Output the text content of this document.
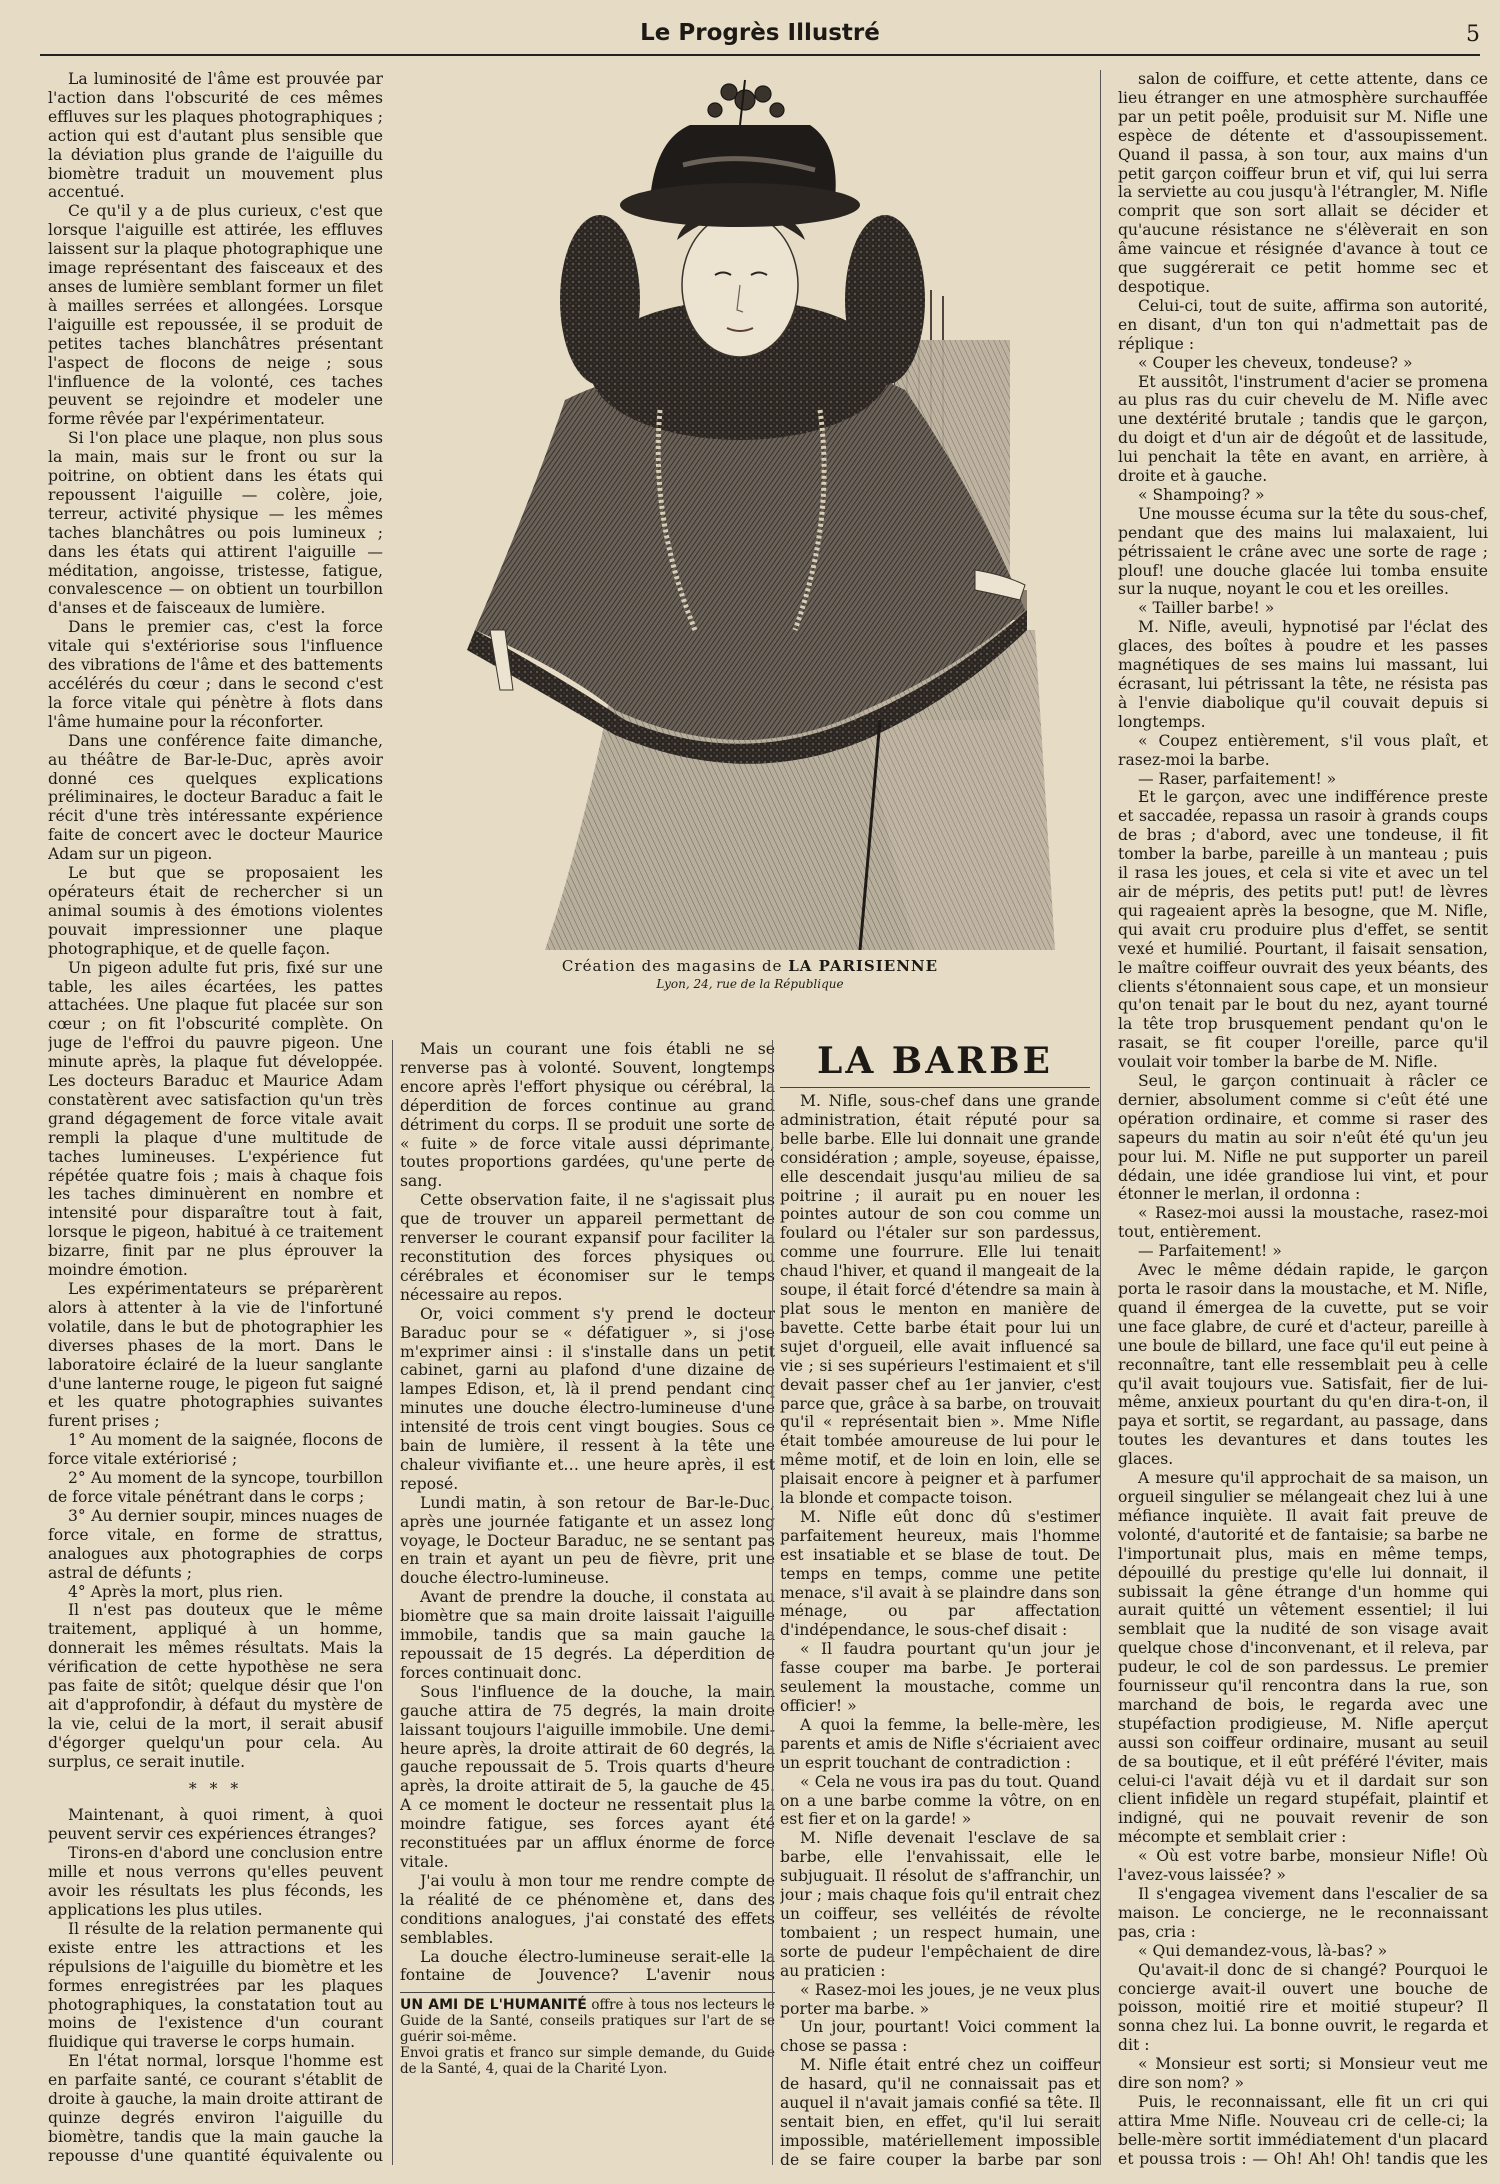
Le Progrès Illustré	5

La luminosité de l'âme est prouvée par l'action dans l'obscurité de ces mêmes effluves sur les plaques photographiques ; action qui est d'autant plus sensible que la déviation plus grande de l'aiguille du biomètre traduit un mouvement plus accentué.

Ce qu'il y a de plus curieux, c'est que lorsque l'aiguille est attirée, les effluves laissent sur la plaque photographique une image représentant des faisceaux et des anses de lumière semblant former un filet à mailles serrées et allongées. Lorsque l'aiguille est repoussée, il se produit de petites taches blanchâtres présentant l'aspect de flocons de neige ; sous l'influence de la volonté, ces taches peuvent se rejoindre et modeler une forme rêvée par l'expérimentateur.

Si l'on place une plaque, non plus sous la main, mais sur le front ou sur la poitrine, on obtient dans les états qui repoussent l'aiguille — colère, joie, terreur, activité physique — les mêmes taches blanchâtres ou pois lumineux ; dans les états qui attirent l'aiguille — méditation, angoisse, tristesse, fatigue, convalescence — on obtient un tourbillon d'anses et de faisceaux de lumière.

Dans le premier cas, c'est la force vitale qui s'extériorise sous l'influence des vibrations de l'âme et des battements accélérés du cœur ; dans le second c'est la force vitale qui pénètre à flots dans l'âme humaine pour la réconforter.

Dans une conférence faite dimanche, au théâtre de Bar-le-Duc, après avoir donné ces quelques explications préliminaires, le docteur Baraduc a fait le récit d'une très intéressante expérience faite de concert avec le docteur Maurice Adam sur un pigeon.

Le but que se proposaient les opérateurs était de rechercher si un animal soumis à des émotions violentes pouvait impressionner une plaque photographique, et de quelle façon.

Un pigeon adulte fut pris, fixé sur une table, les ailes écartées, les pattes attachées. Une plaque fut placée sur son cœur ; on fit l'obscurité complète. On juge de l'effroi du pauvre pigeon. Une minute après, la plaque fut développée. Les docteurs Baraduc et Maurice Adam constatèrent avec satisfaction qu'un très grand dégagement de force vitale avait rempli la plaque d'une multitude de taches lumineuses. L'expérience fut répétée quatre fois ; mais à chaque fois les taches diminuèrent en nombre et intensité pour disparaître tout à fait, lorsque le pigeon, habitué à ce traitement bizarre, finit par ne plus éprouver la moindre émotion.

Les expérimentateurs se préparèrent alors à attenter à la vie de l'infortuné volatile, dans le but de photographier les diverses phases de la mort. Dans le laboratoire éclairé de la lueur sanglante d'une lanterne rouge, le pigeon fut saigné et les quatre photographies suivantes furent prises ;

1° Au moment de la saignée, flocons de force vitale extériorisé ;

2° Au moment de la syncope, tourbillon de force vitale pénétrant dans le corps ;

3° Au dernier soupir, minces nuages de force vitale, en forme de strattus, analogues aux photographies de corps astral de défunts ;

4° Après la mort, plus rien.

Il n'est pas douteux que le même traitement, appliqué à un homme, donnerait les mêmes résultats. Mais la vérification de cette hypothèse ne sera pas faite de sitôt; quelque désir que l'on ait d'approfondir, à défaut du mystère de la vie, celui de la mort, il serait abusif d'égorger quelqu'un pour cela. Au surplus, ce serait inutile.

* * *

Maintenant, à quoi riment, à quoi peuvent servir ces expériences étranges?

Tirons-en d'abord une conclusion entre mille et nous verrons qu'elles peuvent avoir les résultats les plus féconds, les applications les plus utiles.

Il résulte de la relation permanente qui existe entre les attractions et les répulsions de l'aiguille du biomètre et les formes enregistrées par les plaques photographiques, la constatation tout au moins de l'existence d'un courant fluidique qui traverse le corps humain.

En l'état normal, lorsque l'homme est en parfaite santé, ce courant s'établit de droite à gauche, la main droite attirant de quinze degrés environ l'aiguille du biomètre, tandis que la main gauche la repousse d'une quantité équivalente ou

Création des magasins de LA PARISIENNE
Lyon, 24, rue de la République

Mais un courant une fois établi ne se renverse pas à volonté. Souvent, longtemps encore après l'effort physique ou cérébral, la déperdition de forces continue au grand détriment du corps. Il se produit une sorte de « fuite » de force vitale aussi déprimante, toutes proportions gardées, qu'une perte de sang.

Cette observation faite, il ne s'agissait plus que de trouver un appareil permettant de renverser le courant expansif pour faciliter la reconstitution des forces physiques ou cérébrales et économiser sur le temps nécessaire au repos.

Or, voici comment s'y prend le docteur Baraduc pour se « défatiguer », si j'ose m'exprimer ainsi : il s'installe dans un petit cabinet, garni au plafond d'une dizaine de lampes Edison, et, là il prend pendant cinq minutes une douche électro-lumineuse d'une intensité de trois cent vingt bougies. Sous ce bain de lumière, il ressent à la tête une chaleur vivifiante et… une heure après, il est reposé.

Lundi matin, à son retour de Bar-le-Duc, après une journée fatigante et un assez long voyage, le Docteur Baraduc, ne se sentant pas en train et ayant un peu de fièvre, prit une douche électro-lumineuse.

Avant de prendre la douche, il constata au biomètre que sa main droite laissait l'aiguille immobile, tandis que sa main gauche la repoussait de 15 degrés. La déperdition de forces continuait donc.

Sous l'influence de la douche, la main gauche attira de 75 degrés, la main droite laissant toujours l'aiguille immobile. Une demi-heure après, la droite attirait de 60 degrés, la gauche repoussait de 5. Trois quarts d'heure après, la droite attirait de 5, la gauche de 45. A ce moment le docteur ne ressentait plus la moindre fatigue, ses forces ayant été reconstituées par un afflux énorme de force vitale.

J'ai voulu à mon tour me rendre compte de la réalité de ce phénomène et, dans des conditions analogues, j'ai constaté des effets semblables.

La douche électro-lumineuse serait-elle la fontaine de Jouvence? L'avenir nous

UN AMI DE L'HUMANITÉ offre à tous nos lecteurs le Guide de la Santé, conseils pratiques sur l'art de se guérir soi-même.
Envoi gratis et franco sur simple demande, du Guide de la Santé, 4, quai de la Charité Lyon.
LA BARBE

M. Nifle, sous-chef dans une grande administration, était réputé pour sa belle barbe. Elle lui donnait une grande considération ; ample, soyeuse, épaisse, elle descendait jusqu'au milieu de sa poitrine ; il aurait pu en nouer les pointes autour de son cou comme un foulard ou l'étaler sur son pardessus, comme une fourrure. Elle lui tenait chaud l'hiver, et quand il mangeait de la soupe, il était forcé d'étendre sa main à plat sous le menton en manière de bavette. Cette barbe était pour lui un sujet d'orgueil, elle avait influencé sa vie ; si ses supérieurs l'estimaient et s'il devait passer chef au 1er janvier, c'est parce que, grâce à sa barbe, on trouvait qu'il « représentait bien ». Mme Nifle était tombée amoureuse de lui pour le même motif, et de loin en loin, elle se plaisait encore à peigner et à parfumer la blonde et compacte toison.

M. Nifle eût donc dû s'estimer parfaitement heureux, mais l'homme est insatiable et se blase de tout. De temps en temps, comme une petite menace, s'il avait à se plaindre dans son ménage, ou par affectation d'indépendance, le sous-chef disait :

« Il faudra pourtant qu'un jour je fasse couper ma barbe. Je porterai seulement la moustache, comme un officier! »

A quoi la femme, la belle-mère, les parents et amis de Nifle s'écriaient avec un esprit touchant de contradiction :

« Cela ne vous ira pas du tout. Quand on a une barbe comme la vôtre, on en est fier et on la garde! »

M. Nifle devenait l'esclave de sa barbe, elle l'envahissait, elle le subjuguait. Il résolut de s'affranchir, un jour ; mais chaque fois qu'il entrait chez un coiffeur, ses velléités de révolte tombaient ; un respect humain, une sorte de pudeur l'empêchaient de dire au praticien :

« Rasez-moi les joues, je ne veux plus porter ma barbe. »

Un jour, pourtant! Voici comment la chose se passa :

M. Nifle était entré chez un coiffeur de hasard, qu'il ne connaissait pas et auquel il n'avait jamais confié sa tête. Il sentait bien, en effet, qu'il lui serait impossible, matériellement impossible de se faire couper la barbe par son

salon de coiffure, et cette attente, dans ce lieu étranger en une atmosphère surchauffée par un petit poêle, produisit sur M. Nifle une espèce de détente et d'assoupissement. Quand il passa, à son tour, aux mains d'un petit garçon coiffeur brun et vif, qui lui serra la serviette au cou jusqu'à l'étrangler, M. Nifle comprit que son sort allait se décider et qu'aucune résistance ne s'élèverait en son âme vaincue et résignée d'avance à tout ce que suggérerait ce petit homme sec et despotique.

Celui-ci, tout de suite, affirma son autorité, en disant, d'un ton qui n'admettait pas de réplique :

« Couper les cheveux, tondeuse? »

Et aussitôt, l'instrument d'acier se promena au plus ras du cuir chevelu de M. Nifle avec une dextérité brutale ; tandis que le garçon, du doigt et d'un air de dégoût et de lassitude, lui penchait la tête en avant, en arrière, à droite et à gauche.

« Shampoing? »

Une mousse écuma sur la tête du sous-chef, pendant que des mains lui malaxaient, lui pétrissaient le crâne avec une sorte de rage ; plouf! une douche glacée lui tomba ensuite sur la nuque, noyant le cou et les oreilles.

« Tailler barbe! »

M. Nifle, aveuli, hypnotisé par l'éclat des glaces, des boîtes à poudre et les passes magnétiques de ses mains lui massant, lui écrasant, lui pétrissant la tête, ne résista pas à l'envie diabolique qu'il couvait depuis si longtemps.

« Coupez entièrement, s'il vous plaît, et rasez-moi la barbe.

— Raser, parfaitement! »

Et le garçon, avec une indifférence preste et saccadée, repassa un rasoir à grands coups de bras ; d'abord, avec une tondeuse, il fit tomber la barbe, pareille à un manteau ; puis il rasa les joues, et cela si vite et avec un tel air de mépris, des petits put! put! de lèvres qui rageaient après la besogne, que M. Nifle, qui avait cru produire plus d'effet, se sentit vexé et humilié. Pourtant, il faisait sensation, le maître coiffeur ouvrait des yeux béants, des clients s'étonnaient sous cape, et un monsieur qu'on tenait par le bout du nez, ayant tourné la tête trop brusquement pendant qu'on le rasait, se fit couper l'oreille, parce qu'il voulait voir tomber la barbe de M. Nifle.

Seul, le garçon continuait à râcler ce dernier, absolument comme si c'eût été une opération ordinaire, et comme si raser des sapeurs du matin au soir n'eût été qu'un jeu pour lui. M. Nifle ne put supporter un pareil dédain, une idée grandiose lui vint, et pour étonner le merlan, il ordonna :

« Rasez-moi aussi la moustache, rasez-moi tout, entièrement.

— Parfaitement! »

Avec le même dédain rapide, le garçon porta le rasoir dans la moustache, et M. Nifle, quand il émergea de la cuvette, put se voir une face glabre, de curé et d'acteur, pareille à une boule de billard, une face qu'il eut peine à reconnaître, tant elle ressemblait peu à celle qu'il avait toujours vue. Satisfait, fier de lui-même, anxieux pourtant du qu'en dira-t-on, il paya et sortit, se regardant, au passage, dans toutes les devantures et dans toutes les glaces.

A mesure qu'il approchait de sa maison, un orgueil singulier se mélangeait chez lui à une méfiance inquiète. Il avait fait preuve de volonté, d'autorité et de fantaisie; sa barbe ne l'importunait plus, mais en même temps, dépouillé du prestige qu'elle lui donnait, il subissait la gêne étrange d'un homme qui aurait quitté un vêtement essentiel; il lui semblait que la nudité de son visage avait quelque chose d'inconvenant, et il releva, par pudeur, le col de son pardessus. Le premier fournisseur qu'il rencontra dans la rue, son marchand de bois, le regarda avec une stupéfaction prodigieuse, M. Nifle aperçut aussi son coiffeur ordinaire, musant au seuil de sa boutique, et il eût préféré l'éviter, mais celui-ci l'avait déjà vu et il dardait sur son client infidèle un regard stupéfait, plaintif et indigné, qui ne pouvait revenir de son mécompte et semblait crier :

« Où est votre barbe, monsieur Nifle! Où l'avez-vous laissée? »

Il s'engagea vivement dans l'escalier de sa maison. Le concierge, ne le reconnaissant pas, cria :

« Qui demandez-vous, là-bas? »

Qu'avait-il donc de si changé? Pourquoi le concierge avait-il ouvert une bouche de poisson, moitié rire et moitié stupeur? Il sonna chez lui. La bonne ouvrit, le regarda et dit :

« Monsieur est sorti; si Monsieur veut me dire son nom? »

Puis, le reconnaissant, elle fit un cri qui attira Mme Nifle. Nouveau cri de celle-ci; la belle-mère sortit immédiatement d'un placard et poussa trois : — Oh! Ah! Oh! tandis que les
